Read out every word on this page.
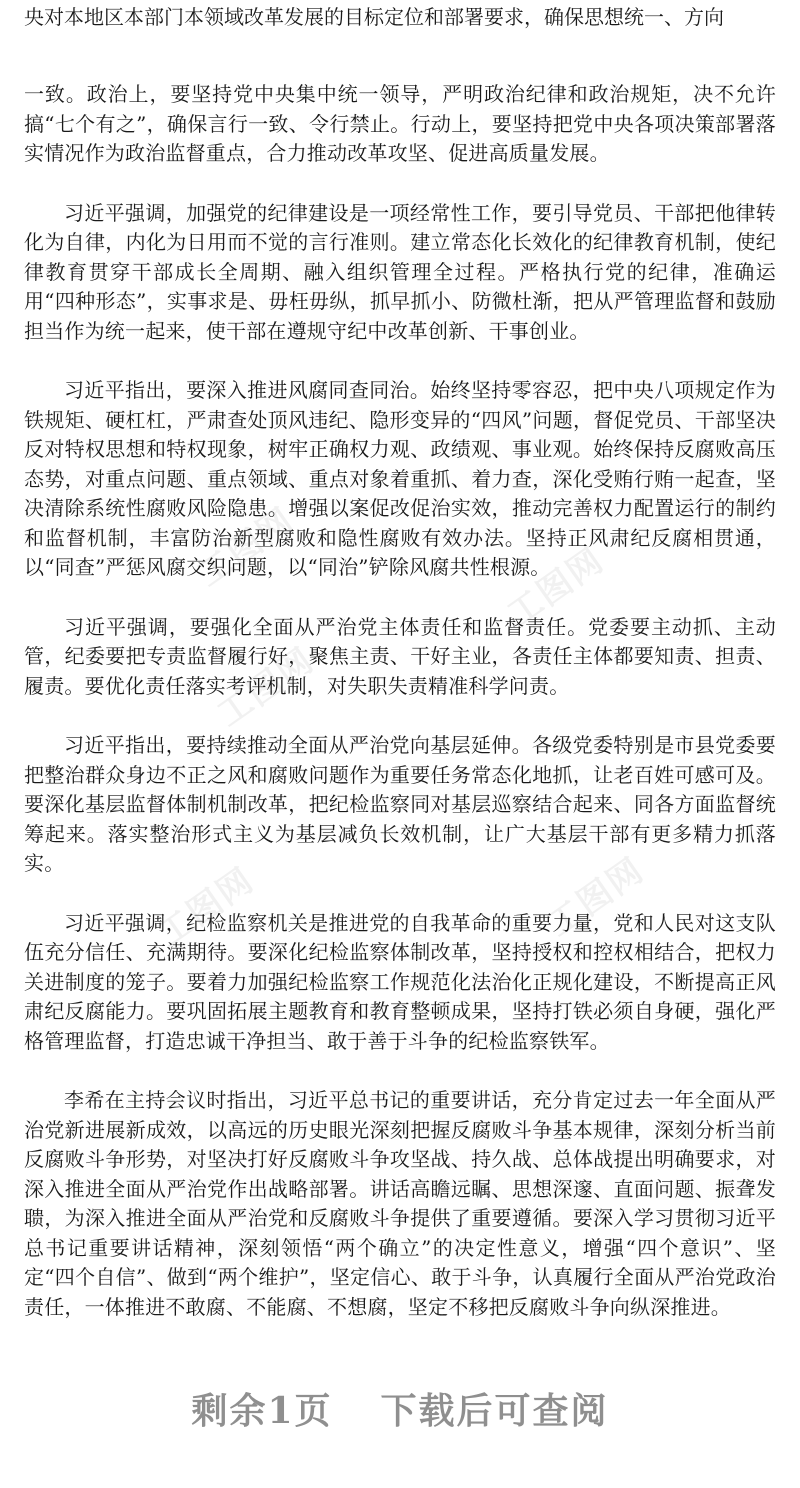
工图网	工图网
工图网
工图网	工图网

央对本地区本部门本领域改革发展的目标定位和部署要求，确保思想统一、方向

一致。政治上，要坚持党中央集中统一领导，严明政治纪律和政治规矩，决不允许搞“七个有之”，确保言行一致、令行禁止。行动上，要坚持把党中央各项决策部署落实情况作为政治监督重点，合力推动改革攻坚、促进高质量发展。

习近平强调，加强党的纪律建设是一项经常性工作，要引导党员、干部把他律转化为自律，内化为日用而不觉的言行准则。建立常态化长效化的纪律教育机制，使纪律教育贯穿干部成长全周期、融入组织管理全过程。严格执行党的纪律，准确运用“四种形态”，实事求是、毋枉毋纵，抓早抓小、防微杜渐，把从严管理监督和鼓励担当作为统一起来，使干部在遵规守纪中改革创新、干事创业。

习近平指出，要深入推进风腐同查同治。始终坚持零容忍，把中央八项规定作为铁规矩、硬杠杠，严肃查处顶风违纪、隐形变异的“四风”问题，督促党员、干部坚决反对特权思想和特权现象，树牢正确权力观、政绩观、事业观。始终保持反腐败高压态势，对重点问题、重点领域、重点对象着重抓、着力查，深化受贿行贿一起查，坚决清除系统性腐败风险隐患。增强以案促改促治实效，推动完善权力配置运行的制约和监督机制，丰富防治新型腐败和隐性腐败有效办法。坚持正风肃纪反腐相贯通，以“同查”严惩风腐交织问题，以“同治”铲除风腐共性根源。

习近平强调，要强化全面从严治党主体责任和监督责任。党委要主动抓、主动管，纪委要把专责监督履行好，聚焦主责、干好主业，各责任主体都要知责、担责、履责。要优化责任落实考评机制，对失职失责精准科学问责。

习近平指出，要持续推动全面从严治党向基层延伸。各级党委特别是市县党委要把整治群众身边不正之风和腐败问题作为重要任务常态化地抓，让老百姓可感可及。要深化基层监督体制机制改革，把纪检监察同对基层巡察结合起来、同各方面监督统筹起来。落实整治形式主义为基层减负长效机制，让广大基层干部有更多精力抓落实。

习近平强调，纪检监察机关是推进党的自我革命的重要力量，党和人民对这支队伍充分信任、充满期待。要深化纪检监察体制改革，坚持授权和控权相结合，把权力关进制度的笼子。要着力加强纪检监察工作规范化法治化正规化建设，不断提高正风肃纪反腐能力。要巩固拓展主题教育和教育整顿成果，坚持打铁必须自身硬，强化严格管理监督，打造忠诚干净担当、敢于善于斗争的纪检监察铁军。

李希在主持会议时指出，习近平总书记的重要讲话，充分肯定过去一年全面从严治党新进展新成效，以高远的历史眼光深刻把握反腐败斗争基本规律，深刻分析当前反腐败斗争形势，对坚决打好反腐败斗争攻坚战、持久战、总体战提出明确要求，对深入推进全面从严治党作出战略部署。讲话高瞻远瞩、思想深邃、直面问题、振聋发聩，为深入推进全面从严治党和反腐败斗争提供了重要遵循。要深入学习贯彻习近平总书记重要讲话精神，深刻领悟“两个确立”的决定性意义，增强“四个意识”、坚定“四个自信”、做到“两个维护”，坚定信心、敢于斗争，认真履行全面从严治党政治责任，一体推进不敢腐、不能腐、不想腐，坚定不移把反腐败斗争向纵深推进。

剩余1页 下载后可查阅
